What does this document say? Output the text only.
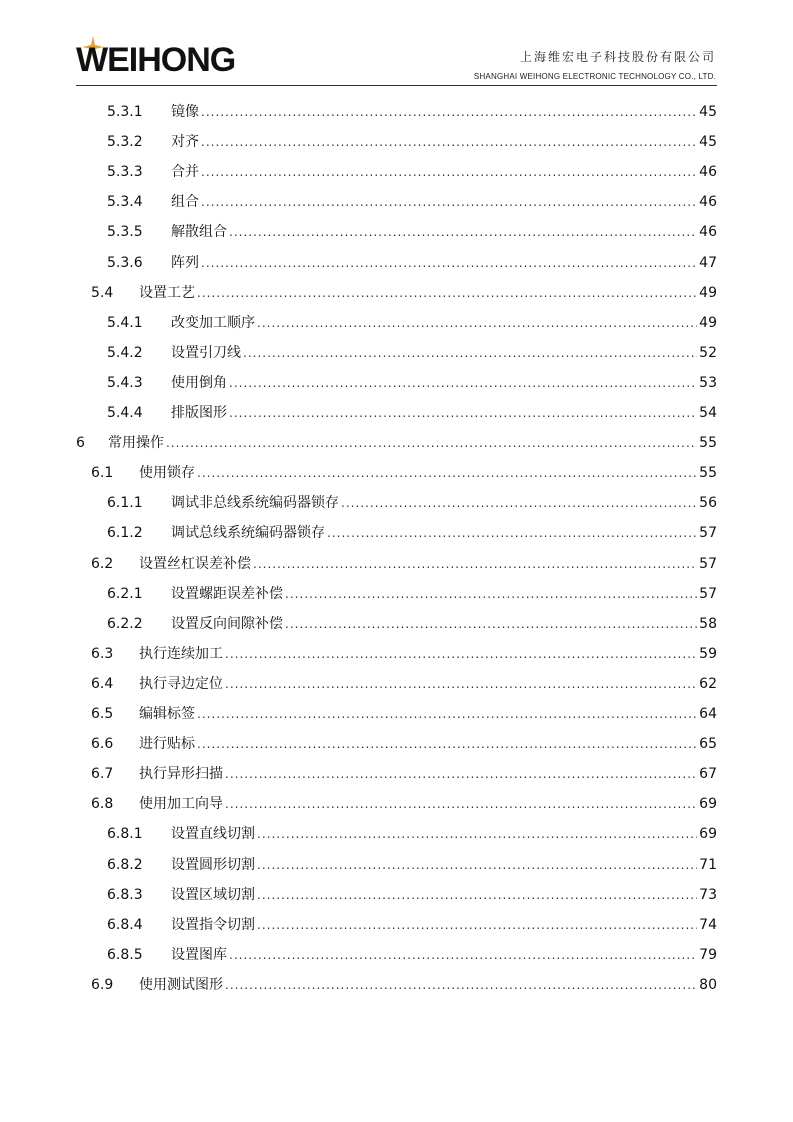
WEIHONG	上海维宏电子科技股份有限公司
SHANGHAI WEIHONG ELECTRONIC TECHNOLOGY CO., LTD.
5.3.1	镜像 .....	45
5.3.2	对齐 .....	45
5.3.3	合并 .....	46
5.3.4	组合 .....	46
5.3.5	解散组合 .....	46
5.3.6	阵列 .....	47
5.4	设置工艺 .....	49
5.4.1	改变加工顺序 .....	49
5.4.2	设置引刀线 .....	52
5.4.3	使用倒角 .....	53
5.4.4	排版图形 .....	54
6	常用操作 .....	55
6.1	使用锁存 .....	55
6.1.1	调试非总线系统编码器锁存 .....	56
6.1.2	调试总线系统编码器锁存 .....	57
6.2	设置丝杠误差补偿 .....	57
6.2.1	设置螺距误差补偿 .....	57
6.2.2	设置反向间隙补偿 .....	58
6.3	执行连续加工 .....	59
6.4	执行寻边定位 .....	62
6.5	编辑标签 .....	64
6.6	进行贴标 .....	65
6.7	执行异形扫描 .....	67
6.8	使用加工向导 .....	69
6.8.1	设置直线切割 .....	69
6.8.2	设置圆形切割 .....	71
6.8.3	设置区域切割 .....	73
6.8.4	设置指令切割 .....	74
6.8.5	设置图库 .....	79
6.9	使用测试图形 .....	80
